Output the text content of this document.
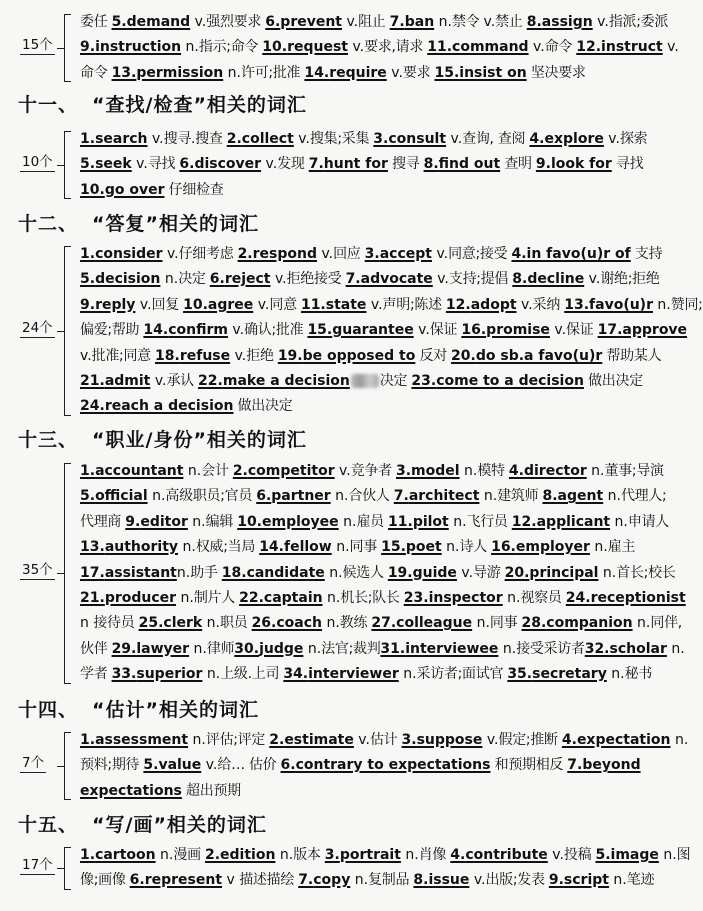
15个
委任 5.demand v.强烈要求 6.prevent v.阻止 7.ban n.禁令 v.禁止 8.assign v.指派;委派
9.instruction n.指示;命令 10.request v.要求,请求 11.command v.命令 12.instruct v.
命令 13.permission n.许可;批准 14.require v.要求 15.insist on 坚决要求
十一、 “查找/检查”相关的词汇
10个
1.search v.搜寻.搜查 2.collect v.搜集;采集 3.consult v.查询, 查阅 4.explore v.探索
5.seek v.寻找 6.discover v.发现 7.hunt for 搜寻 8.find out 查明 9.look for 寻找
10.go over 仔细检查
十二、 “答复”相关的词汇
24个
1.consider v.仔细考虑 2.respond v.回应 3.accept v.同意;接受 4.in favo(u)r of 支持
5.decision n.决定 6.reject v.拒绝接受 7.advocate v.支持;提倡 8.decline v.谢绝;拒绝
9.reply v.回复 10.agree v.同意 11.state v.声明;陈述 12.adopt v.采纳 13.favo(u)r n.赞同;
偏爱;帮助 14.confirm v.确认;批准 15.guarantee v.保证 16.promise v.保证 17.approve
v.批准;同意 18.refuse v.拒绝 19.be opposed to 反对 20.do sb.a favo(u)r 帮助某人
21.admit v.承认 22.make a decision 决定 23.come to a decision 做出决定
24.reach a decision 做出决定
十三、 “职业/身份”相关的词汇
35个
1.accountant n.会计 2.competitor v.竞争者 3.model n.模特 4.director n.董事;导演
5.official n.高级职员;官员 6.partner n.合伙人 7.architect n.建筑师 8.agent n.代理人;
代理商 9.editor n.编辑 10.employee n.雇员 11.pilot n.飞行员 12.applicant n.申请人
13.authority n.权威;当局 14.fellow n.同事 15.poet n.诗人 16.employer n.雇主
17.assistantn.助手 18.candidate n.候选人 19.guide v.导游 20.principal n.首长;校长
21.producer n.制片人 22.captain n.机长;队长 23.inspector n.视察员 24.receptionist
n 接待员 25.clerk n.职员 26.coach n.教练 27.colleague n.同事 28.companion n.同伴,
伙伴 29.lawyer n.律师30.judge n.法官;裁判31.interviewee n.接受采访者32.scholar n.
学者 33.superior n.上级.上司 34.interviewer n.采访者;面试官 35.secretary n.秘书
十四、 “估计”相关的词汇
7个
1.assessment n.评估;评定 2.estimate v.估计 3.suppose v.假定;推断 4.expectation n.
预料;期待 5.value v.给… 估价 6.contrary to expectations 和预期相反 7.beyond
expectations 超出预期
十五、 “写/画”相关的词汇
17个
1.cartoon n.漫画 2.edition n.版本 3.portrait n.肖像 4.contribute v.投稿 5.image n.图
像;画像 6.represent v 描述描绘 7.copy n.复制品 8.issue v.出版;发表 9.script n.笔迹
